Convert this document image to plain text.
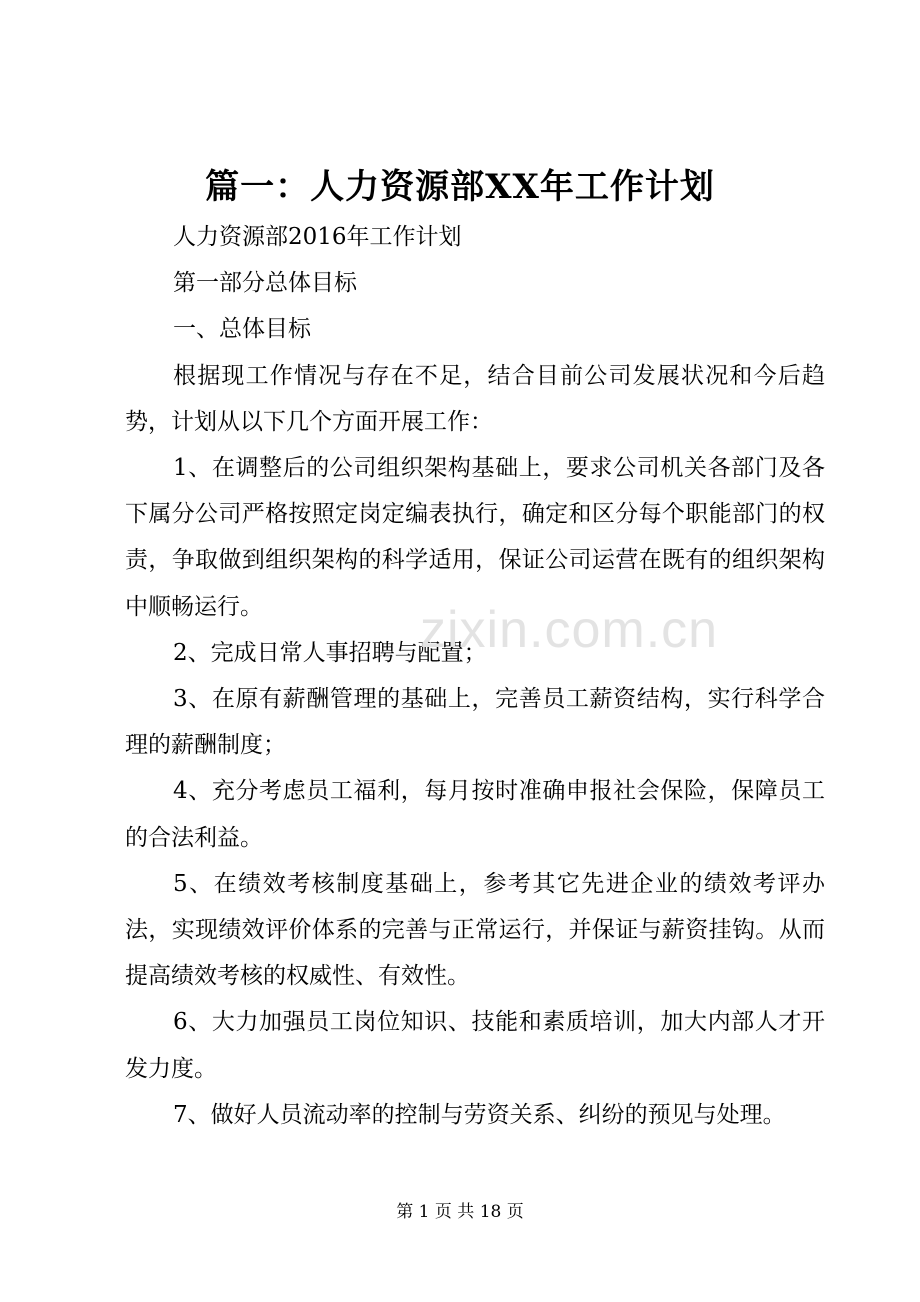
篇一：人力资源部XX年工作计划

人力资源部2016年工作计划

第一部分总体目标

一、总体目标

根据现工作情况与存在不足，结合目前公司发展状况和今后趋势，计划从以下几个方面开展工作：

1、在调整后的公司组织架构基础上，要求公司机关各部门及各下属分公司严格按照定岗定编表执行，确定和区分每个职能部门的权责，争取做到组织架构的科学适用，保证公司运营在既有的组织架构中顺畅运行。

2、完成日常人事招聘与配置；

3、在原有薪酬管理的基础上，完善员工薪资结构，实行科学合理的薪酬制度；

4、充分考虑员工福利，每月按时准确申报社会保险，保障员工的合法利益。

5、在绩效考核制度基础上，参考其它先进企业的绩效考评办法，实现绩效评价体系的完善与正常运行，并保证与薪资挂钩。从而提高绩效考核的权威性、有效性。

6、大力加强员工岗位知识、技能和素质培训，加大内部人才开发力度。

7、做好人员流动率的控制与劳资关系、纠纷的预见与处理。

zixin.com.cn
第 1 页 共 18 页
